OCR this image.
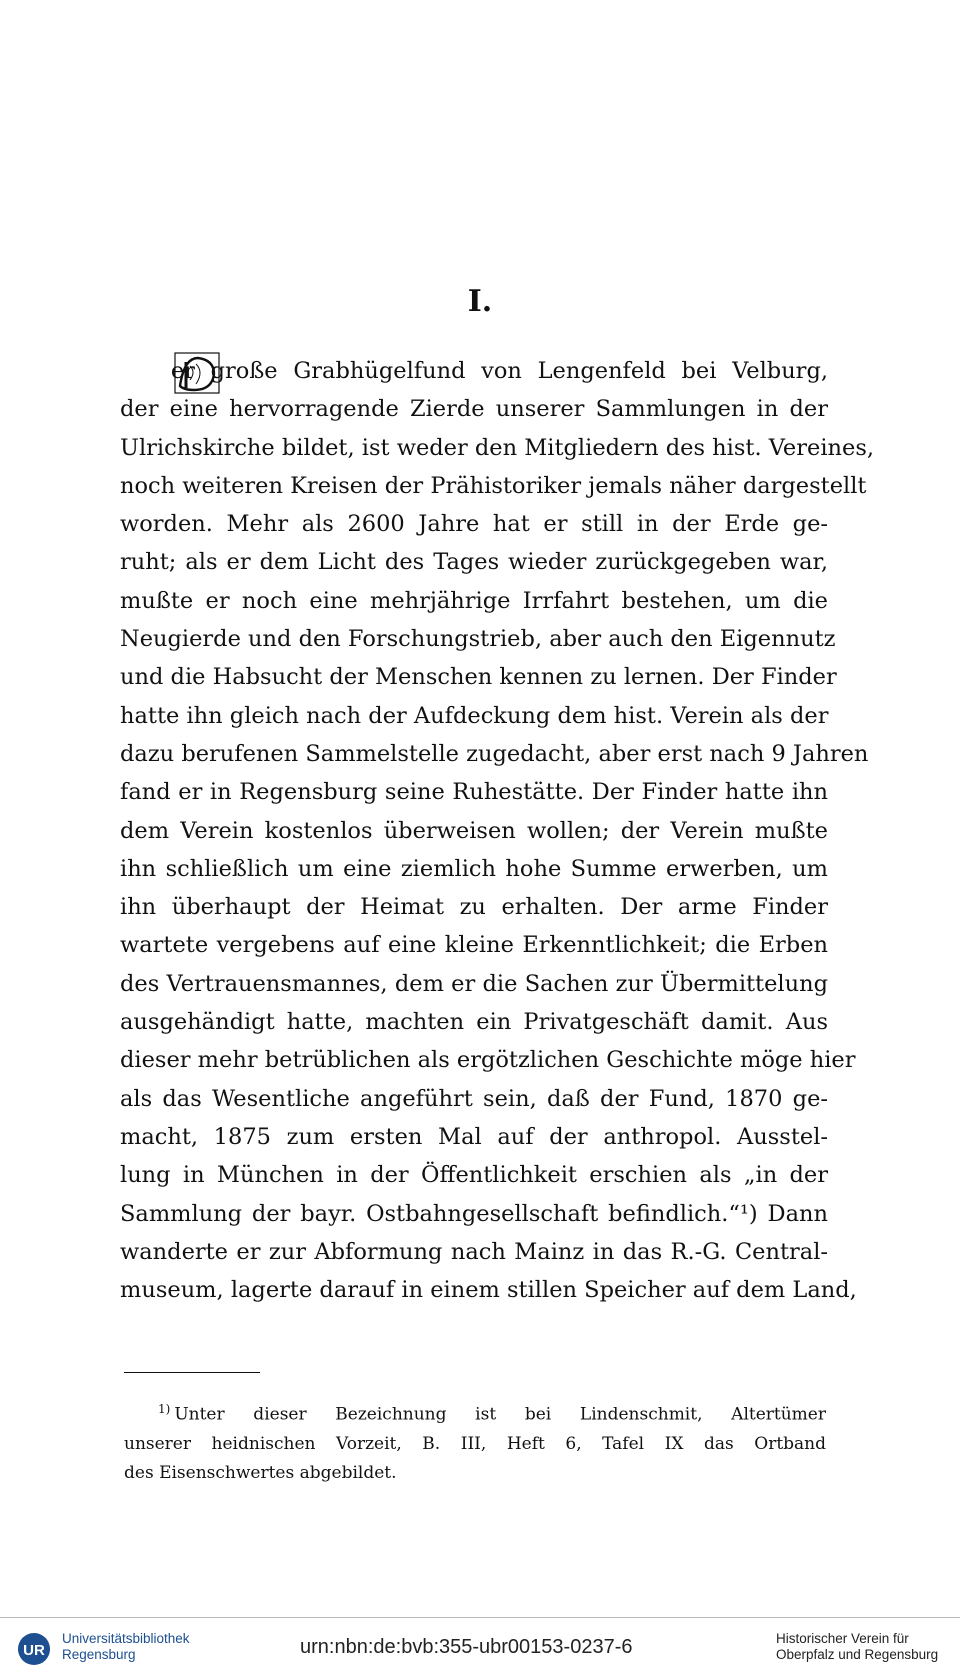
I.
er große Grabhügelfund von Lengenfeld bei Velburg,
der eine hervorragende Zierde unserer Sammlungen in der
Ulrichskirche bildet, ist weder den Mitgliedern des hist. Vereines,
noch weiteren Kreisen der Prähistoriker jemals näher dargestellt
worden. Mehr als 2600 Jahre hat er still in der Erde ge-
ruht; als er dem Licht des Tages wieder zurückgegeben war,
mußte er noch eine mehrjährige Irrfahrt bestehen, um die
Neugierde und den Forschungstrieb, aber auch den Eigennutz
und die Habsucht der Menschen kennen zu lernen. Der Finder
hatte ihn gleich nach der Aufdeckung dem hist. Verein als der
dazu berufenen Sammelstelle zugedacht, aber erst nach 9 Jahren
fand er in Regensburg seine Ruhestätte. Der Finder hatte ihn
dem Verein kostenlos überweisen wollen; der Verein mußte
ihn schließlich um eine ziemlich hohe Summe erwerben, um
ihn überhaupt der Heimat zu erhalten. Der arme Finder
wartete vergebens auf eine kleine Erkenntlichkeit; die Erben
des Vertrauensmannes, dem er die Sachen zur Übermittelung
ausgehändigt hatte, machten ein Privatgeschäft damit. Aus
dieser mehr betrüblichen als ergötzlichen Geschichte möge hier
als das Wesentliche angeführt sein, daß der Fund, 1870 ge-
macht, 1875 zum ersten Mal auf der anthropol. Ausstel-
lung in München in der Öffentlichkeit erschien als „in der
Sammlung der bayr. Ostbahngesellschaft befindlich.“¹) Dann
wanderte er zur Abformung nach Mainz in das R.-G. Central-
museum, lagerte darauf in einem stillen Speicher auf dem Land,
$^{1)}$ Unter dieser Bezeichnung ist bei Lindenschmit, Altertümer
unserer heidnischen Vorzeit, B. III, Heft 6, Tafel IX das Ortband
des Eisenschwertes abgebildet.
UR
Universitätsbibliothek
Regensburg	urn:nbn:de:bvb:355-ubr00153-0237-6	Historischer Verein für
Oberpfalz und Regensburg
